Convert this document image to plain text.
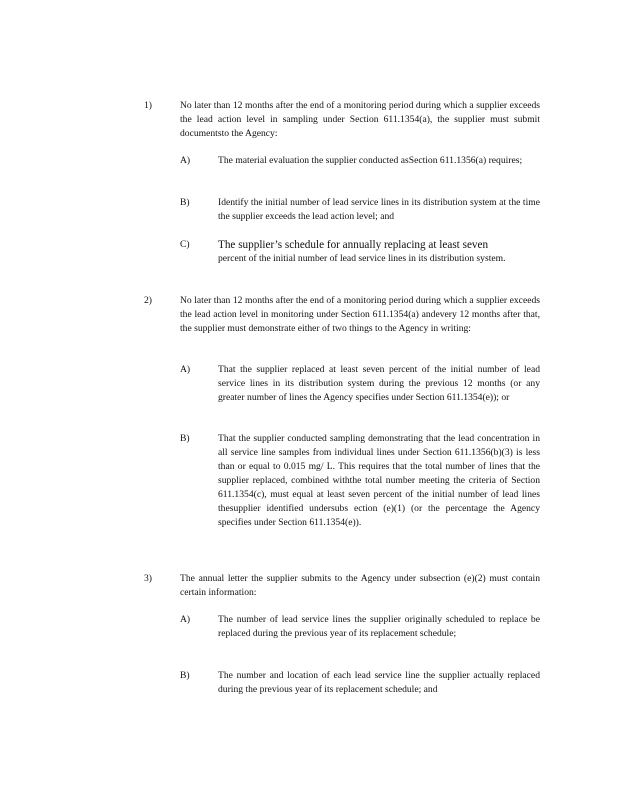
1)	No later than 12 months after the end of a monitoring period during which a supplier exceeds the lead action level in sampling under Section 611.1354(a), the supplier must submit documentsto the Agency:
A)	The material evaluation the supplier conducted asSection 611.1356(a) requires;
B)	Identify the initial number of lead service lines in its distribution system at the time the supplier exceeds the lead action level; and
C)	The supplier’s schedule for annually replacing at least seven
percent of the initial number of lead service lines in its distribution system.
2)	No later than 12 months after the end of a monitoring period during which a supplier exceeds the lead action level in monitoring under Section 611.1354(a) andevery 12 months after that, the supplier must demonstrate either of two things to the Agency in writing:
A)	That the supplier replaced at least seven percent of the initial number of lead service lines in its distribution system during the previous 12 months (or any greater number of lines the Agency specifies under Section 611.1354(e)); or
B)	That the supplier conducted sampling demonstrating that the lead concentration in all service line samples from individual lines under Section 611.1356(b)(3) is less than or equal to 0.015 mg/ L. This requires that the total number of lines that the supplier replaced, combined withthe total number meeting the criteria of Section 611.1354(c), must equal at least seven percent of the initial number of lead lines thesupplier identified undersubs ection (e)(1) (or the percentage the Agency specifies under Section 611.1354(e)).
3)	The annual letter the supplier submits to the Agency under subsection (e)(2) must contain certain information:
A)	The number of lead service lines the supplier originally scheduled to replace be replaced during the previous year of its replacement schedule;
B)	The number and location of each lead service line the supplier actually replaced during the previous year of its replacement schedule; and
